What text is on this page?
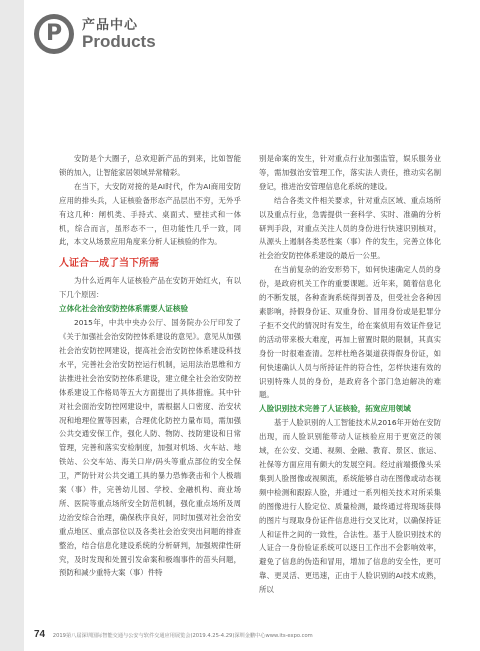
P	产品中心
Products

安防是个大圈子，总欢迎新产品的到来，比如智能锁的加入，让智能家居领域异常精彩。

在当下，大安防对接的是AI时代，作为AI商用安防应用的排头兵，人证核验备形态产品层出不穷，无外乎有这几种：闸机类、手持式、桌面式、壁挂式和一体机，综合而言，虽形态不一，但功能性几乎一致，同此，本文从场景应用角度来分析人证核验的作为。

人证合一成了当下所需

为什么近两年人证核验产品在安防开始红火，有以下几个原因：

立体化社会治安防控体系需要人证核验

2015年，中共中央办公厅、国务院办公厅印发了《关于加强社会治安防控体系建设的意见》。意见从加强社会治安防控网建设，提高社会治安防控体系建设科技水平，完善社会治安防控运行机制，运用法治思维和方法推进社会治安防控体系建设，建立健全社会治安防控体系建设工作格局等五大方面提出了具体措施。其中针对社会面治安防控网建设中，需根据人口密度、治安状况和地理位置等因素，合理优化防控力量布局，需加强公共交通安保工作，强化人防、物防、技防建设和日常管理，完善和落实安检制度，加强对机场、火车站、地铁站、公交车站、海关口岸/码头等重点部位的安全保卫，严防针对公共交通工具的暴力恐怖袭击和个人极端案（事）件，完善幼儿园、学校、金融机构、商业场所、医院等重点场所安全防范机制，强化重点场所及周边治安综合治理，确保秩序良好，同时加强对社会治安重点地区、重点部位以及各类社会治安突出问题的排查整治，结合信息化建设系统的分析研判，加强规律性研究，及时发现和处置引发命案和极端事件的苗头问题，预防和减少重特大案（事）件特

别是命案的发生，针对重点行业加强监管，娱乐服务业等，需加强治安管理工作，落实法人责任，推动实名制登记，推进治安管理信息化系统的建设。

结合各类文件相关要求，针对重点区域、重点场所以及重点行业，急需提供一套科学、实时、准确的分析研判手段，对重点关注人员的身份进行快速识别核对，从源头上遏制各类恶性案（事）件的发生，完善立体化社会治安防控体系建设的最后一公里。

在当前复杂的治安形势下，如何快速确定人员的身份，是政府机关工作的重要课题。近年来，随着信息化的不断发展，各种查询系统得到普及，但受社会各种因素影响，持假身份证、双重身份、冒用身份或是犯罪分子拒不交代的情况时有发生，给在案侦用有效证件登记的活动带来极大难度，再加上留置时限的限制，其真实身份一时很难查清。怎样杜绝各渠道获得假身份证，如何快速确认人员与所持证件的符合性，怎样快速有效的识别特殊人员的身份，是政府各个部门急迫解决的难题。

人脸识别技术完善了人证核验，拓宽应用领域

基于人脸识别的人工智能技术从2016年开始在安防出现，而人脸识别能带动人证核验应用于更宽泛的领域，在公安、交通、视频、金融、教育、景区、旅运、社保等方面应用有颇大的发展空间。经过前端摄像头采集到人脸图像或视频流，系统能够自动在图像或动态视频中检测和跟踪人脸，并通过一系列相关技术对所采集的图像进行人脸定位、质量检测，最终通过将现场获得的图片与现取身份证件信息进行交叉比对，以确保持证人和证件之间的一致性，合法性。基于人脸识别技术的人证合一身份验证系统可以逐日工作出不会影响效率，避免了信息的伪造和冒用，增加了信息的安全性，更可靠、更灵活、更迅速，正由于人脸识别的AI技术成熟，所以

74 2019第八届深圳国际智能交通与公安与软件交通应用展览会(2019.4.25-4.29)深圳金鹏中心www.its-expo.com
